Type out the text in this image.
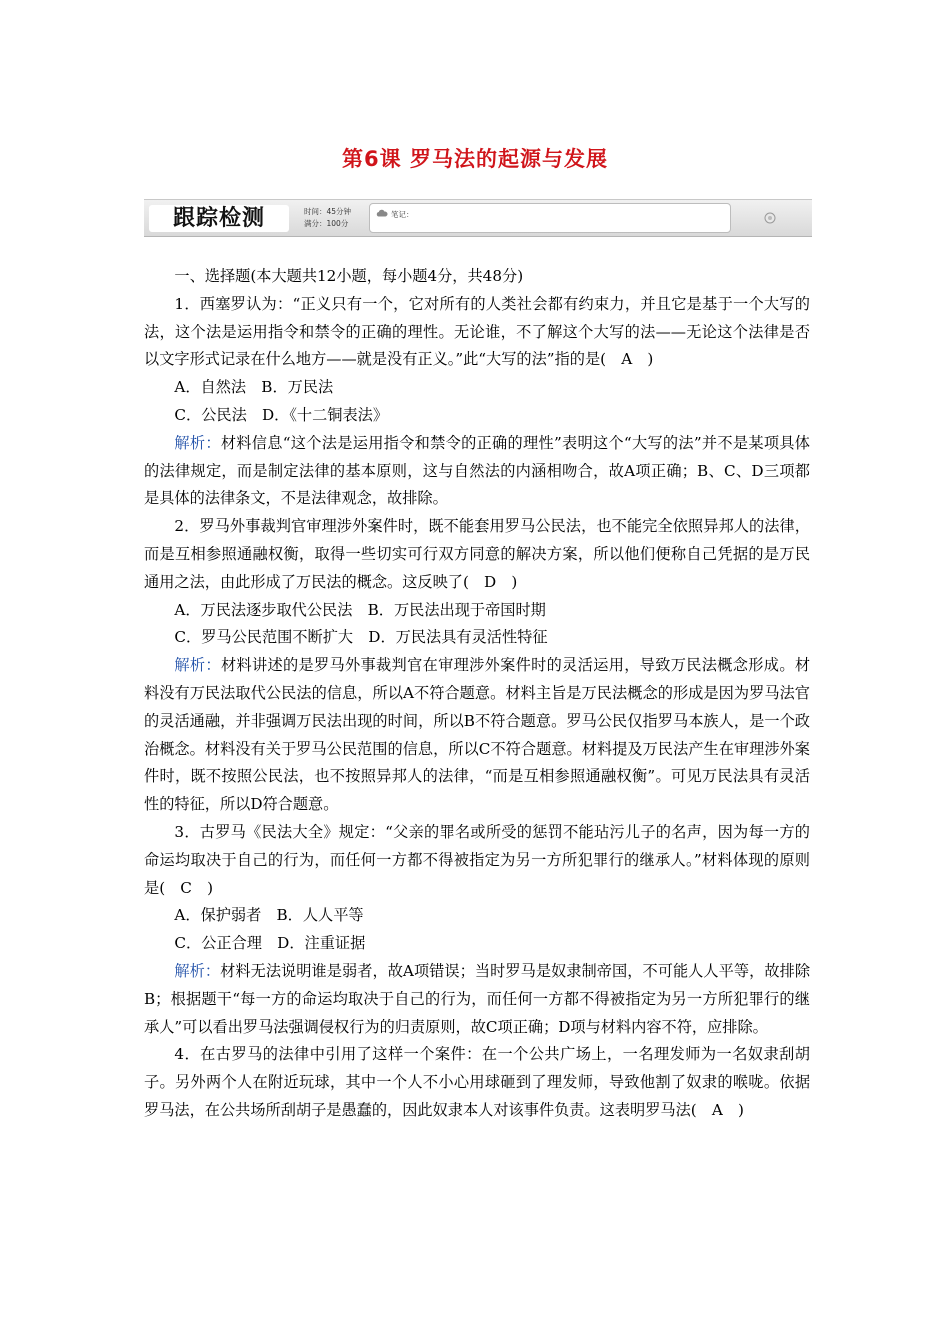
第6课 罗马法的起源与发展
跟踪检测	时间：45分钟
满分：100分
笔记：

一、选择题(本大题共12小题，每小题4分，共48分)

1．西塞罗认为：“正义只有一个，它对所有的人类社会都有约束力，并且它是基于一个大写的法，这个法是运用指令和禁令的正确的理性。无论谁，不了解这个大写的法——无论这个法律是否以文字形式记录在什么地方——就是没有正义。”此“大写的法”指的是(　A　)

A．自然法　B．万民法

C．公民法　D．《十二铜表法》

解析：材料信息“这个法是运用指令和禁令的正确的理性”表明这个“大写的法”并不是某项具体的法律规定，而是制定法律的基本原则，这与自然法的内涵相吻合，故A项正确；B、C、D三项都是具体的法律条文，不是法律观念，故排除。

2．罗马外事裁判官审理涉外案件时，既不能套用罗马公民法，也不能完全依照异邦人的法律，而是互相参照通融权衡，取得一些切实可行双方同意的解决方案，所以他们便称自己凭据的是万民通用之法，由此形成了万民法的概念。这反映了(　D　)

A．万民法逐步取代公民法　B．万民法出现于帝国时期

C．罗马公民范围不断扩大　D．万民法具有灵活性特征

解析：材料讲述的是罗马外事裁判官在审理涉外案件时的灵活运用，导致万民法概念形成。材料没有万民法取代公民法的信息，所以A不符合题意。材料主旨是万民法概念的形成是因为罗马法官的灵活通融，并非强调万民法出现的时间，所以B不符合题意。罗马公民仅指罗马本族人，是一个政治概念。材料没有关于罗马公民范围的信息，所以C不符合题意。材料提及万民法产生在审理涉外案件时，既不按照公民法，也不按照异邦人的法律，“而是互相参照通融权衡”。可见万民法具有灵活性的特征，所以D符合题意。

3．古罗马《民法大全》规定：“父亲的罪名或所受的惩罚不能玷污儿子的名声，因为每一方的命运均取决于自己的行为，而任何一方都不得被指定为另一方所犯罪行的继承人。”材料体现的原则是(　C　)

A．保护弱者　B．人人平等

C．公正合理　D．注重证据

解析：材料无法说明谁是弱者，故A项错误；当时罗马是奴隶制帝国，不可能人人平等，故排除B；根据题干“每一方的命运均取决于自己的行为，而任何一方都不得被指定为另一方所犯罪行的继承人”可以看出罗马法强调侵权行为的归责原则，故C项正确；D项与材料内容不符，应排除。

4．在古罗马的法律中引用了这样一个案件：在一个公共广场上，一名理发师为一名奴隶刮胡子。另外两个人在附近玩球，其中一个人不小心用球砸到了理发师，导致他割了奴隶的喉咙。依据罗马法，在公共场所刮胡子是愚蠢的，因此奴隶本人对该事件负责。这表明罗马法(　A　)
